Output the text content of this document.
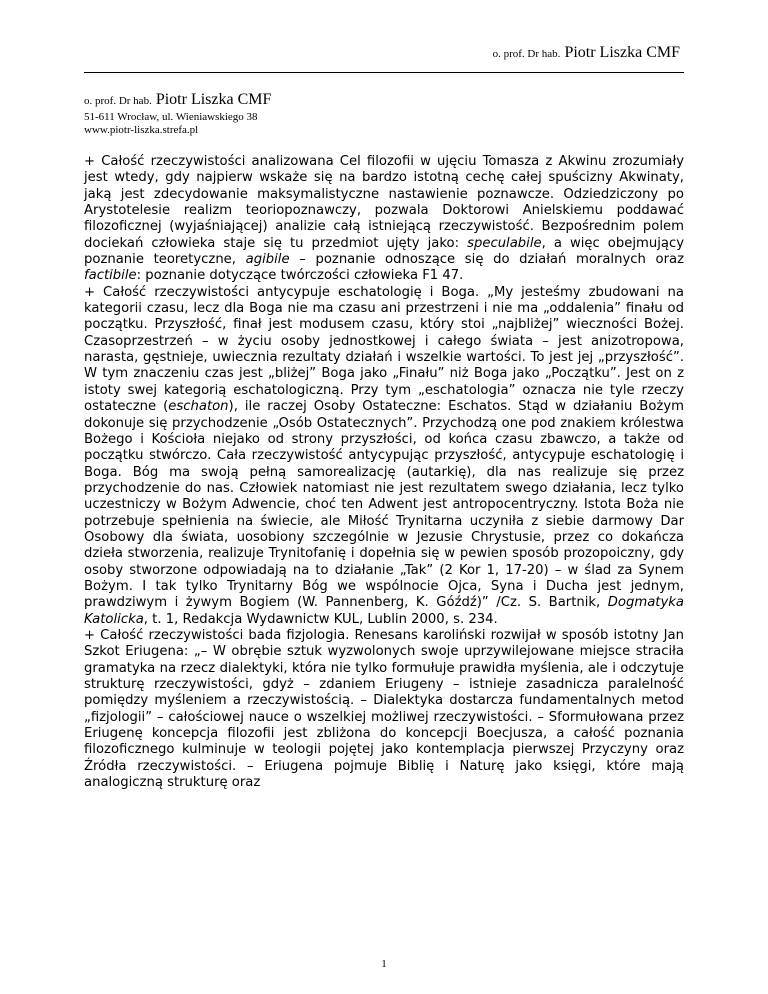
o. prof. Dr hab. Piotr Liszka CMF
o. prof. Dr hab. Piotr Liszka CMF
51-611 Wrocław, ul. Wieniawskiego 38
www.piotr-liszka.strefa.pl

+ Całość rzeczywistości analizowana Cel filozofii w ujęciu Tomasza z Akwinu zrozumiały jest wtedy, gdy najpierw wskaże się na bardzo istotną cechę całej spuścizny Akwinaty, jaką jest zdecydowanie maksymalistyczne nastawienie poznawcze. Odziedziczony po Arystotelesie realizm teoriopoznawczy, pozwala Doktorowi Anielskiemu poddawać filozoficznej (wyjaśniającej) analizie całą istniejącą rzeczywistość. Bezpośrednim polem dociekań człowieka staje się tu przedmiot ujęty jako: speculabile, a więc obejmujący poznanie teoretyczne, agibile – poznanie odnoszące się do działań moralnych oraz factibile: poznanie dotyczące twórczości człowieka F1 47.

+ Całość rzeczywistości antycypuje eschatologię i Boga. „My jesteśmy zbudowani na kategorii czasu, lecz dla Boga nie ma czasu ani przestrzeni i nie ma „oddalenia” finału od początku. Przyszłość, finał jest modusem czasu, który stoi „najbliżej” wieczności Bożej. Czasoprzestrzeń – w życiu osoby jednostkowej i całego świata – jest anizotropowa, narasta, gęstnieje, uwiecznia rezultaty działań i wszelkie wartości. To jest jej „przyszłość”. W tym znaczeniu czas jest „bliżej” Boga jako „Finału” niż Boga jako „Początku”. Jest on z istoty swej kategorią eschatologiczną. Przy tym „eschatologia” oznacza nie tyle rzeczy ostateczne (eschaton), ile raczej Osoby Ostateczne: Eschatos. Stąd w działaniu Bożym dokonuje się przychodzenie „Osób Ostatecznych”. Przychodzą one pod znakiem królestwa Bożego i Kościoła niejako od strony przyszłości, od końca czasu zbawczo, a także od początku stwórczo. Cała rzeczywistość antycypując przyszłość, antycypuje eschatologię i Boga. Bóg ma swoją pełną samorealizację (autarkię), dla nas realizuje się przez przychodzenie do nas. Człowiek natomiast nie jest rezultatem swego działania, lecz tylko uczestniczy w Bożym Adwencie, choć ten Adwent jest antropocentryczny. Istota Boża nie potrzebuje spełnienia na świecie, ale Miłość Trynitarna uczyniła z siebie darmowy Dar Osobowy dla świata, uosobiony szczególnie w Jezusie Chrystusie, przez co dokańcza dzieła stworzenia, realizuje Trynitofanię i dopełnia się w pewien sposób prozopoiczny, gdy osoby stworzone odpowiadają na to działanie „Tak” (2 Kor 1, 17-20) – w ślad za Synem Bożym. I tak tylko Trynitarny Bóg we wspólnocie Ojca, Syna i Ducha jest jednym, prawdziwym i żywym Bogiem (W. Pannenberg, K. Góźdź)” /Cz. S. Bartnik, Dogmatyka Katolicka, t. 1, Redakcja Wydawnictw KUL, Lublin 2000, s. 234.

+ Całość rzeczywistości bada fizjologia. Renesans karoliński rozwijał w sposób istotny Jan Szkot Eriugena: „– W obrębie sztuk wyzwolonych swoje uprzywilejowane miejsce straciła gramatyka na rzecz dialektyki, która nie tylko formułuje prawidła myślenia, ale i odczytuje strukturę rzeczywistości, gdyż – zdaniem Eriugeny – istnieje zasadnicza paralelność pomiędzy myśleniem a rzeczywistością. – Dialektyka dostarcza fundamentalnych metod „fizjologii” – całościowej nauce o wszelkiej możliwej rzeczywistości. – Sformułowana przez Eriugenę koncepcja filozofii jest zbliżona do koncepcji Boecjusza, a całość poznania filozoficznego kulminuje w teologii pojętej jako kontemplacja pierwszej Przyczyny oraz Źródła rzeczywistości. – Eriugena pojmuje Biblię i Naturę jako księgi, które mają analogiczną strukturę oraz

1
